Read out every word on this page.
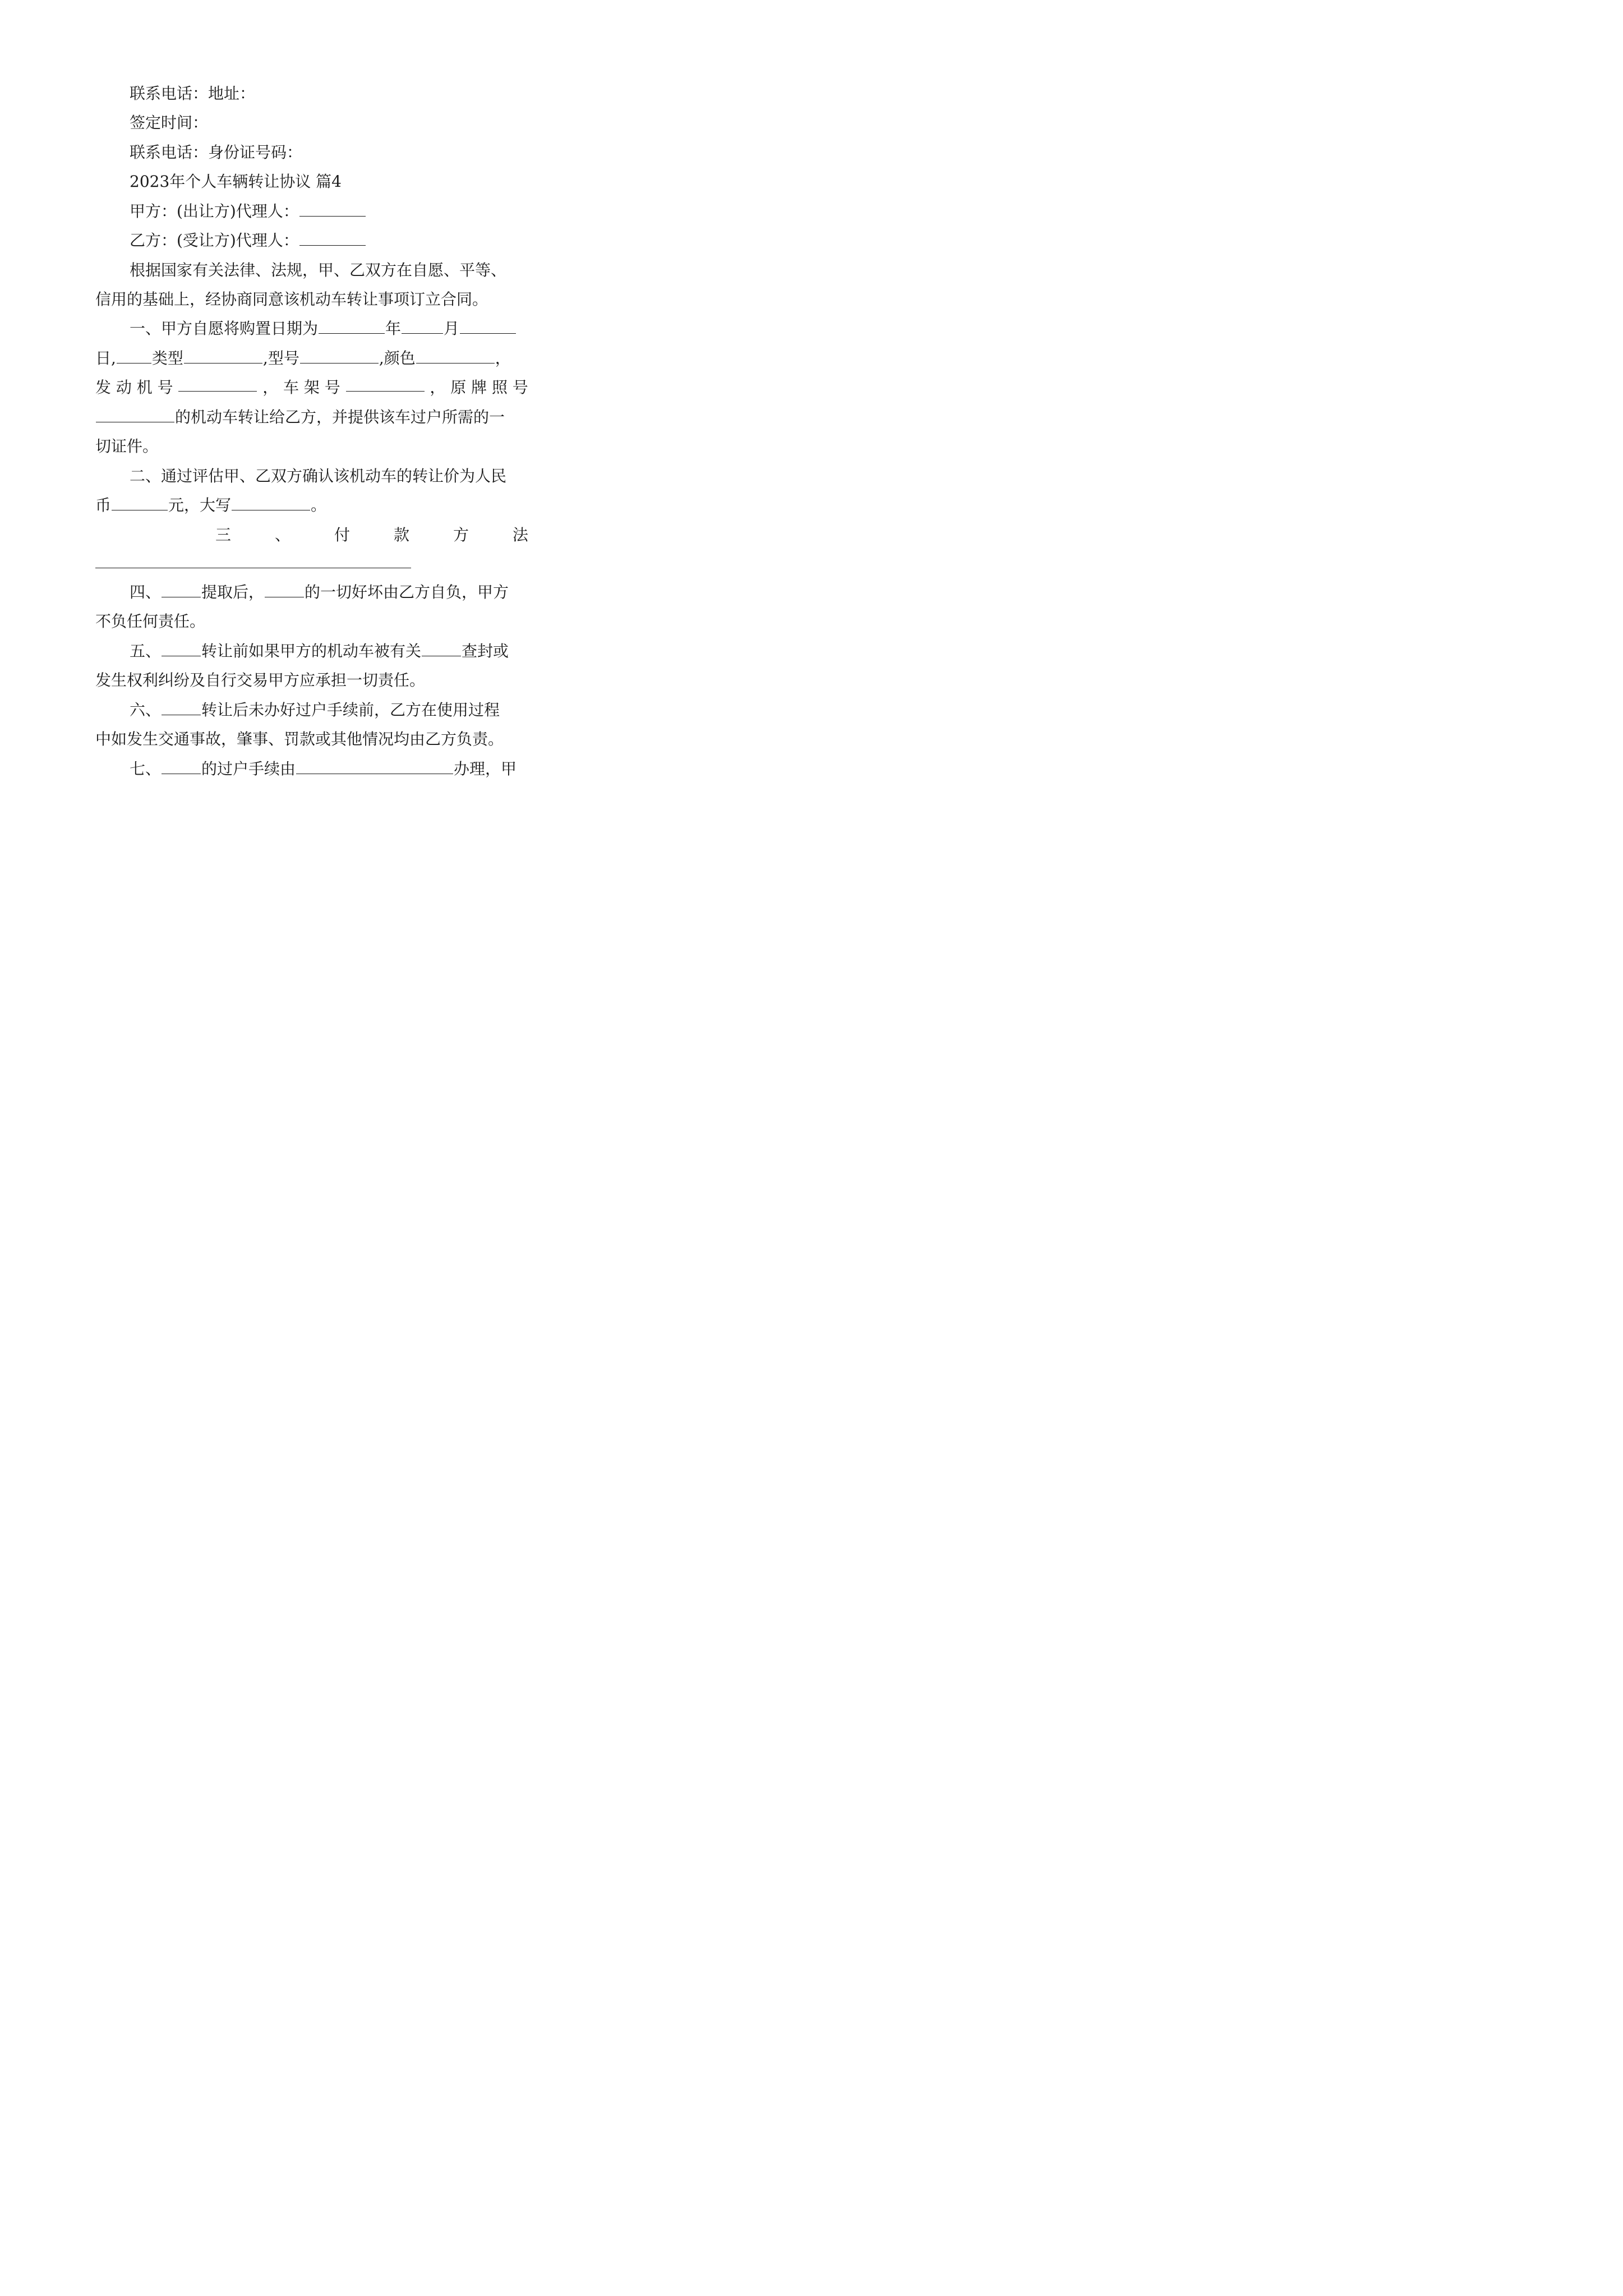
联系电话：地址：
签定时间：
联系电话：身份证号码：
2023年个人车辆转让协议 篇4
甲方：(出让方)代理人：
乙方：(受让方)代理人：
根据国家有关法律、法规，甲、乙双方在自愿、平等、
信用的基础上，经协商同意该机动车转让事项订立合同。
一、甲方自愿将购置日期为	年	月
日, 类型	,型号	,颜色	，
发 动 机 号	， 车 架 号	， 原 牌 照 号
的机动车转让给乙方，并提供该车过户所需的一
切证件。
二、通过评估甲、乙双方确认该机动车的转让价为人民
币	元，大写	。
三	、	付	款	方	法
四、	提取后，	的一切好坏由乙方自负，甲方
不负任何责任。
五、	转让前如果甲方的机动车被有关	查封或
发生权利纠纷及自行交易甲方应承担一切责任。
六、	转让后未办好过户手续前，乙方在使用过程
中如发生交通事故，肇事、罚款或其他情况均由乙方负责。
七、	的过户手续由	办理，甲
